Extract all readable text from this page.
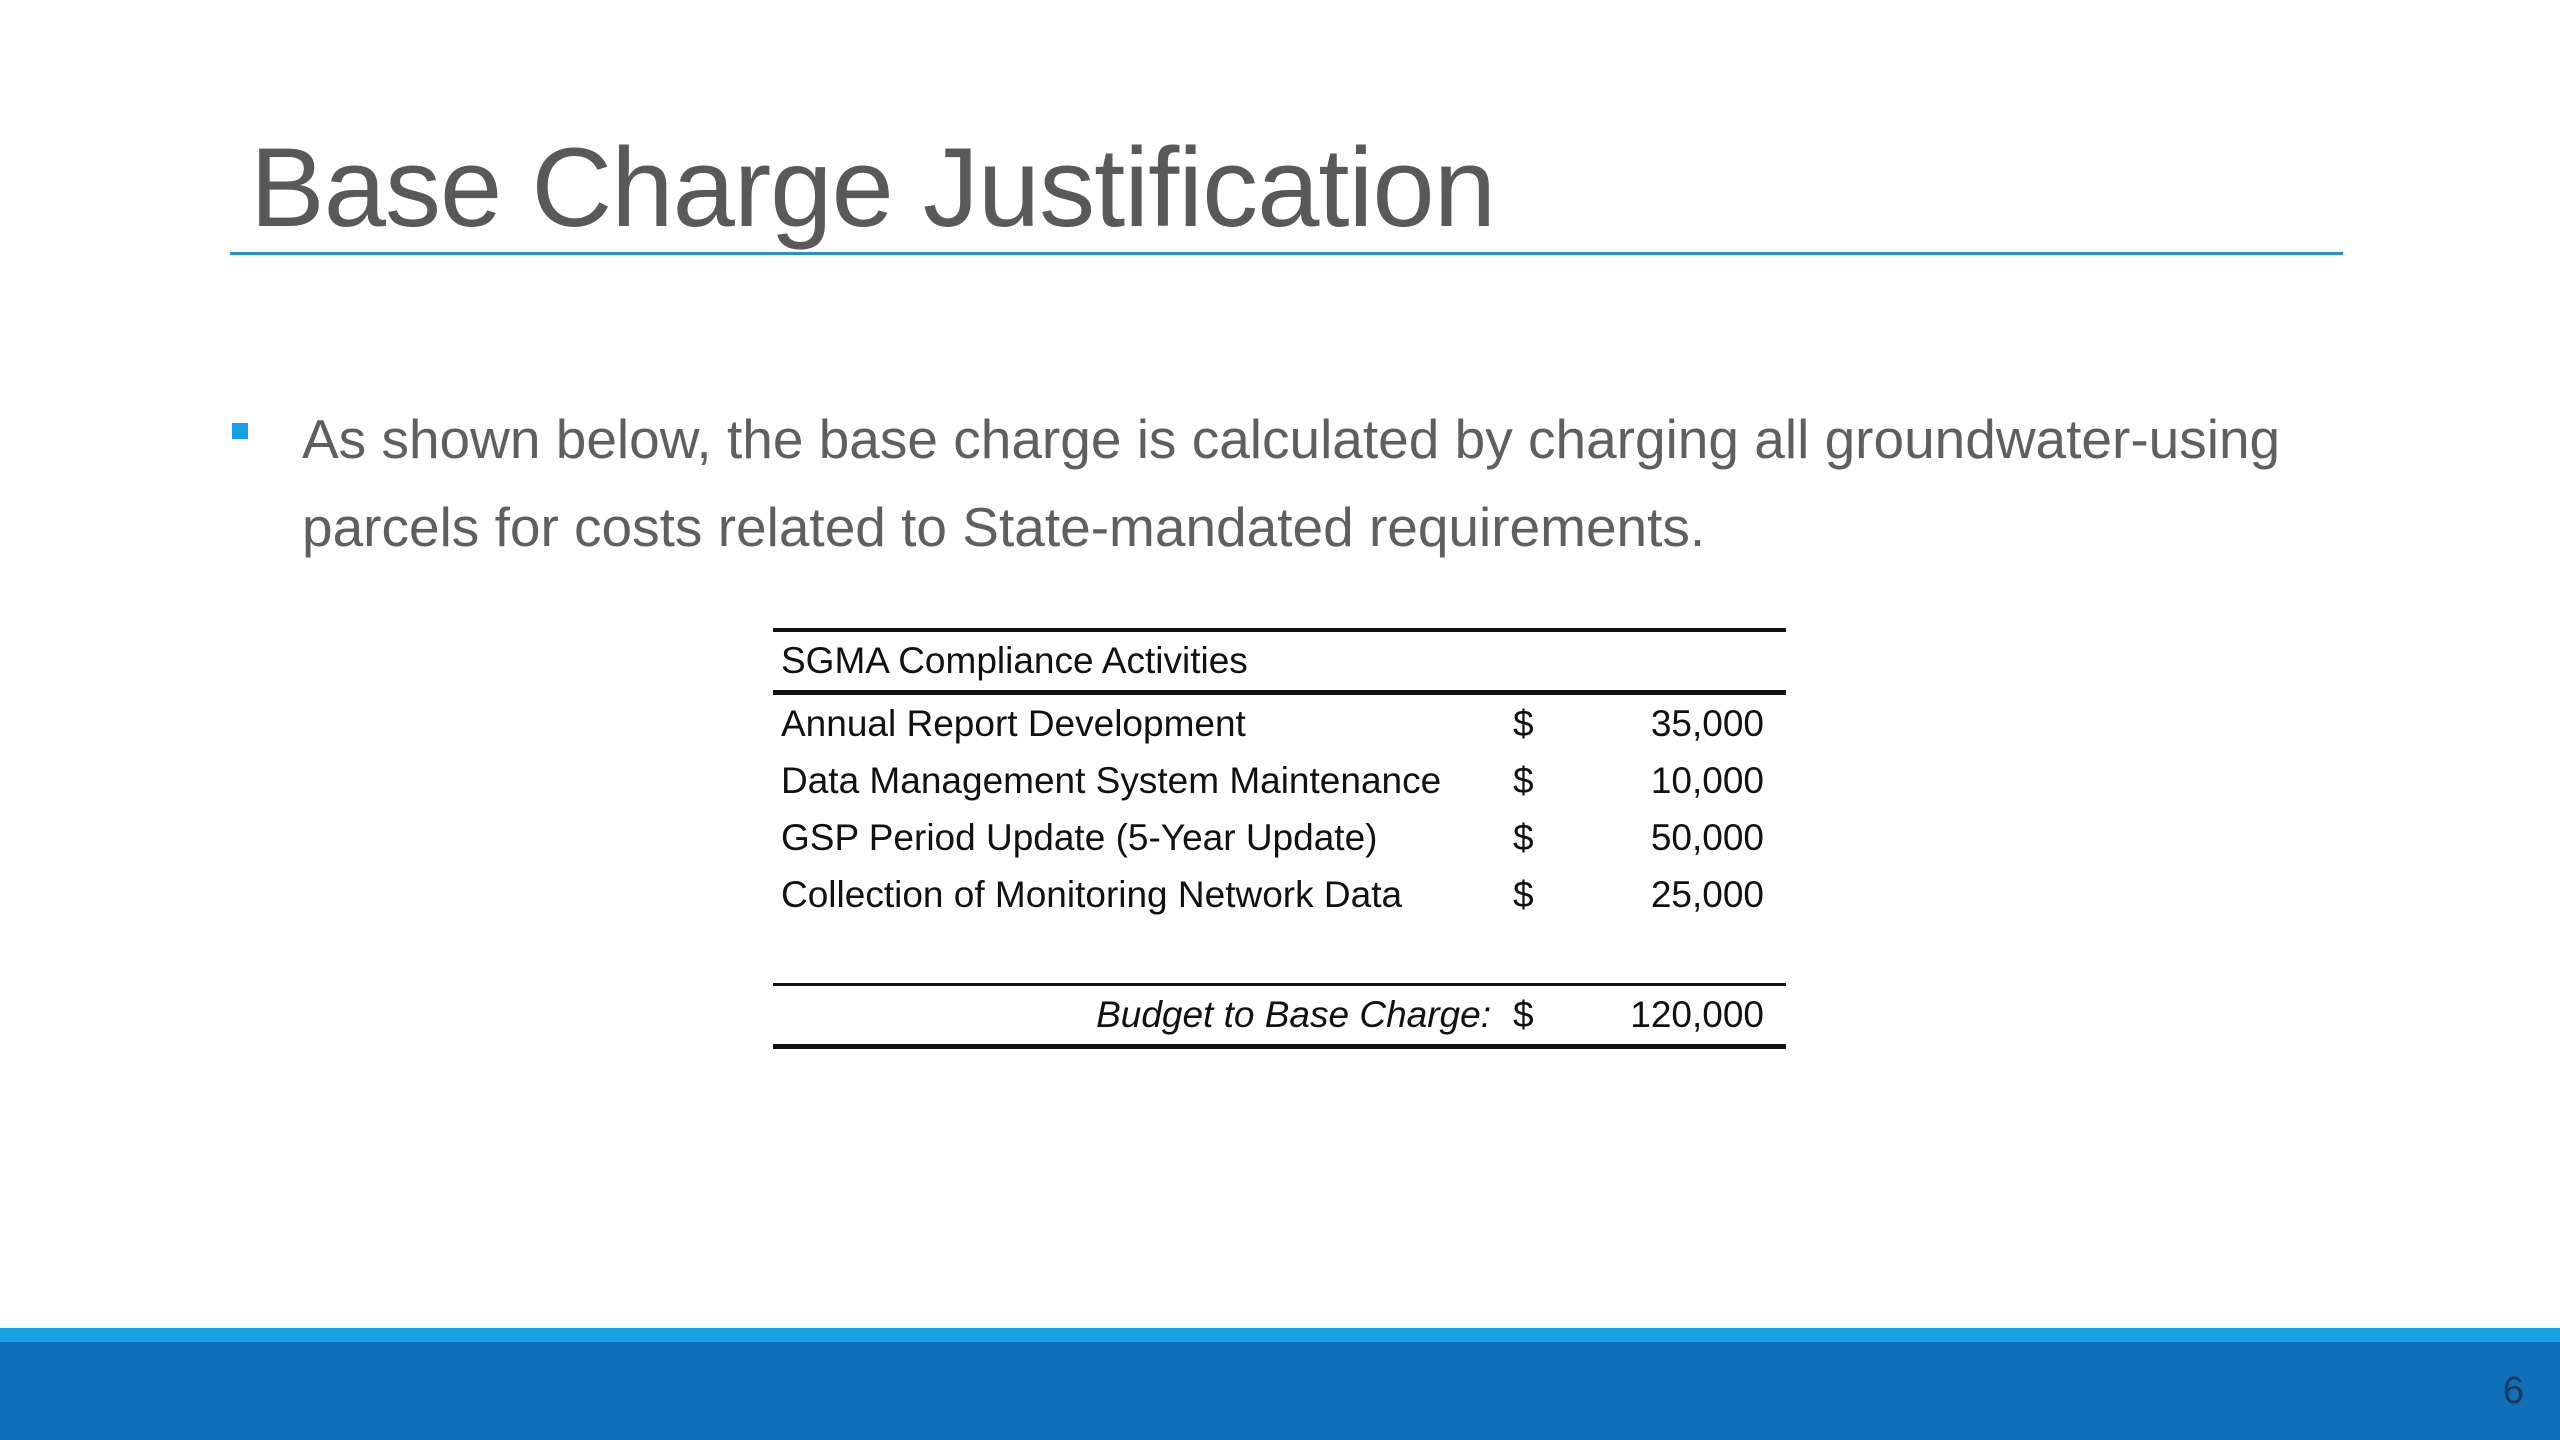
Base Charge Justification
As shown below, the base charge is calculated by charging all groundwater-using parcels for costs related to State-mandated requirements.
SGMA Compliance Activities		
Annual Report Development	$	35,000
Data Management System Maintenance	$	10,000
GSP Period Update (5-Year Update)	$	50,000
Collection of Monitoring Network Data	$	25,000

Budget to Base Charge:	$	120,000
6
